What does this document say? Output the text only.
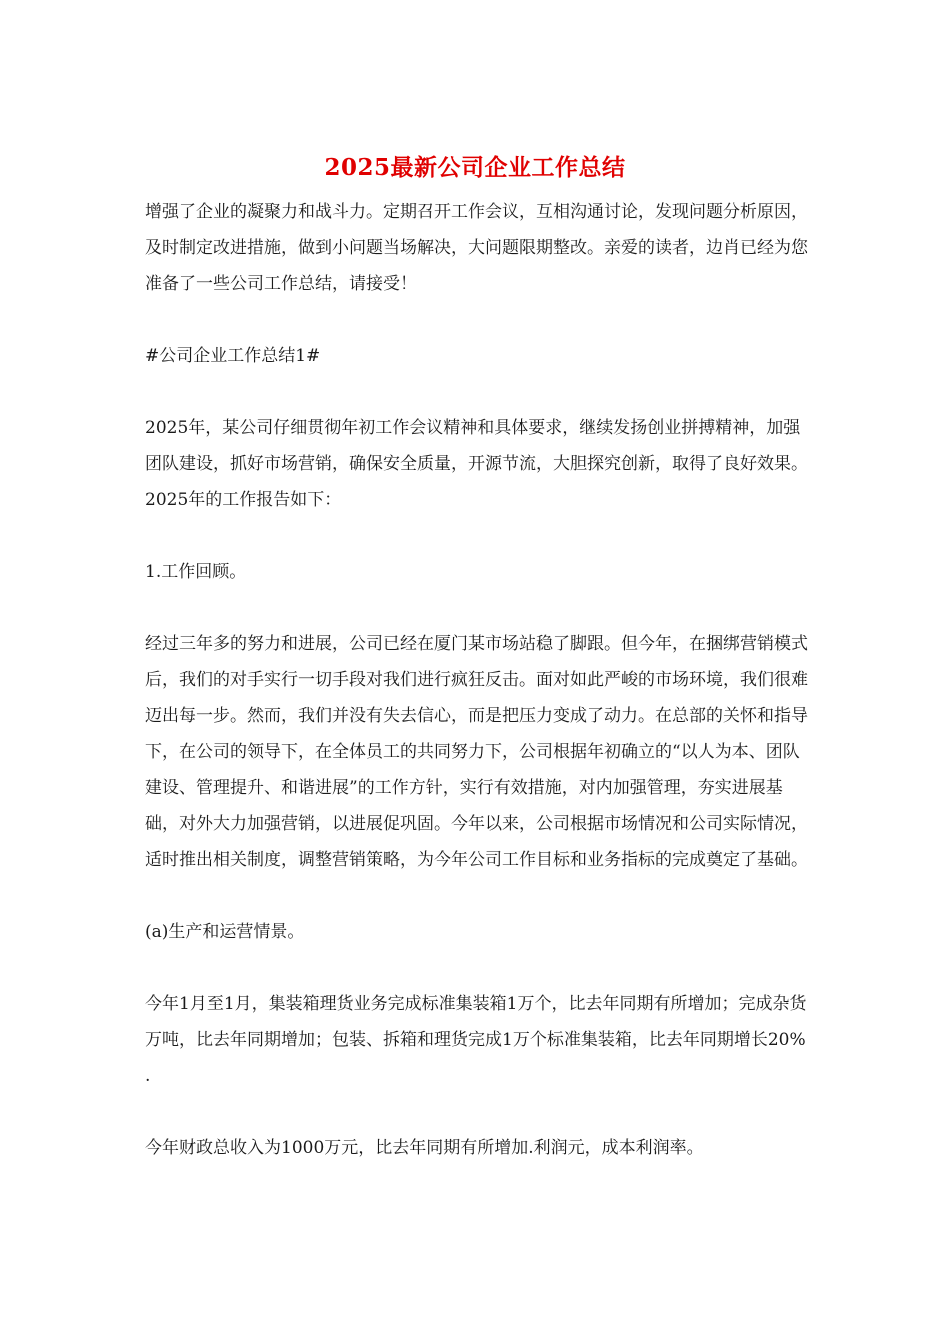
2025最新公司企业工作总结

增强了企业的凝聚力和战斗力。定期召开工作会议，互相沟通讨论，发现问题分析原因，及时制定改进措施，做到小问题当场解决，大问题限期整改。亲爱的读者，边肖已经为您准备了一些公司工作总结，请接受！

#公司企业工作总结1#

2025年，某公司仔细贯彻年初工作会议精神和具体要求，继续发扬创业拼搏精神，加强团队建设，抓好市场营销，确保安全质量，开源节流，大胆探究创新，取得了良好效果。2025年的工作报告如下：

1.工作回顾。

经过三年多的努力和进展，公司已经在厦门某市场站稳了脚跟。但今年，在捆绑营销模式后，我们的对手实行一切手段对我们进行疯狂反击。面对如此严峻的市场环境，我们很难迈出每一步。然而，我们并没有失去信心，而是把压力变成了动力。在总部的关怀和指导下，在公司的领导下，在全体员工的共同努力下，公司根据年初确立的“以人为本、团队建设、管理提升、和谐进展”的工作方针，实行有效措施，对内加强管理，夯实进展基础，对外大力加强营销，以进展促巩固。今年以来，公司根据市场情况和公司实际情况，适时推出相关制度，调整营销策略，为今年公司工作目标和业务指标的完成奠定了基础。

(a)生产和运营情景。

今年1月至1月，集装箱理货业务完成标准集装箱1万个，比去年同期有所增加；完成杂货万吨，比去年同期增加；包装、拆箱和理货完成1万个标准集装箱，比去年同期增长20% .

今年财政总收入为1000万元，比去年同期有所增加.利润元，成本利润率。
